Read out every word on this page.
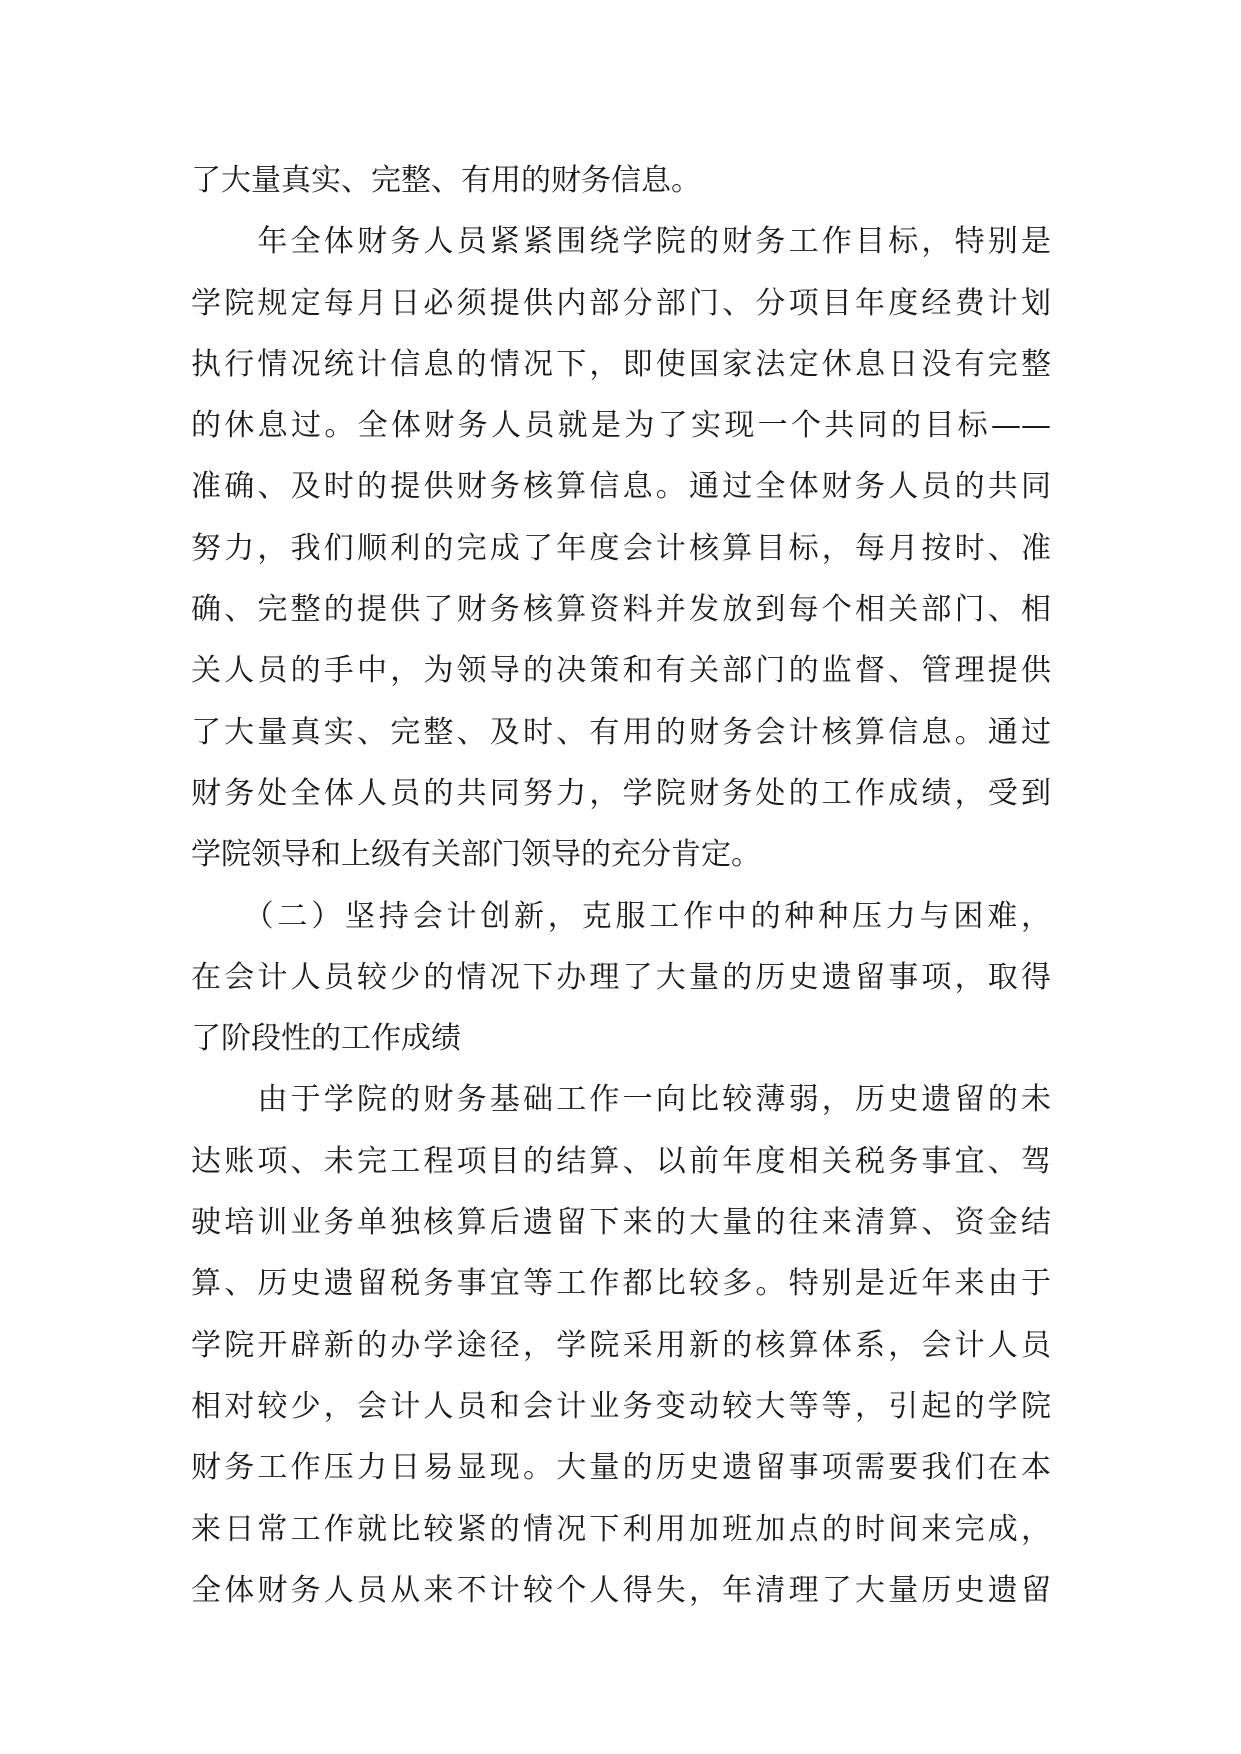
了大量真实、完整、有用的财务信息。
　　年全体财务人员紧紧围绕学院的财务工作目标，特别是
学院规定每月日必须提供内部分部门、分项目年度经费计划
执行情况统计信息的情况下，即使国家法定休息日没有完整
的休息过。全体财务人员就是为了实现一个共同的目标——
准确、及时的提供财务核算信息。通过全体财务人员的共同
努力，我们顺利的完成了年度会计核算目标，每月按时、准
确、完整的提供了财务核算资料并发放到每个相关部门、相
关人员的手中，为领导的决策和有关部门的监督、管理提供
了大量真实、完整、及时、有用的财务会计核算信息。通过
财务处全体人员的共同努力，学院财务处的工作成绩，受到
学院领导和上级有关部门领导的充分肯定。
　　（二）坚持会计创新，克服工作中的种种压力与困难，
在会计人员较少的情况下办理了大量的历史遗留事项，取得
了阶段性的工作成绩
　　由于学院的财务基础工作一向比较薄弱，历史遗留的未
达账项、未完工程项目的结算、以前年度相关税务事宜、驾
驶培训业务单独核算后遗留下来的大量的往来清算、资金结
算、历史遗留税务事宜等工作都比较多。特别是近年来由于
学院开辟新的办学途径，学院采用新的核算体系，会计人员
相对较少，会计人员和会计业务变动较大等等，引起的学院
财务工作压力日易显现。大量的历史遗留事项需要我们在本
来日常工作就比较紧的情况下利用加班加点的时间来完成，
全体财务人员从来不计较个人得失，年清理了大量历史遗留
